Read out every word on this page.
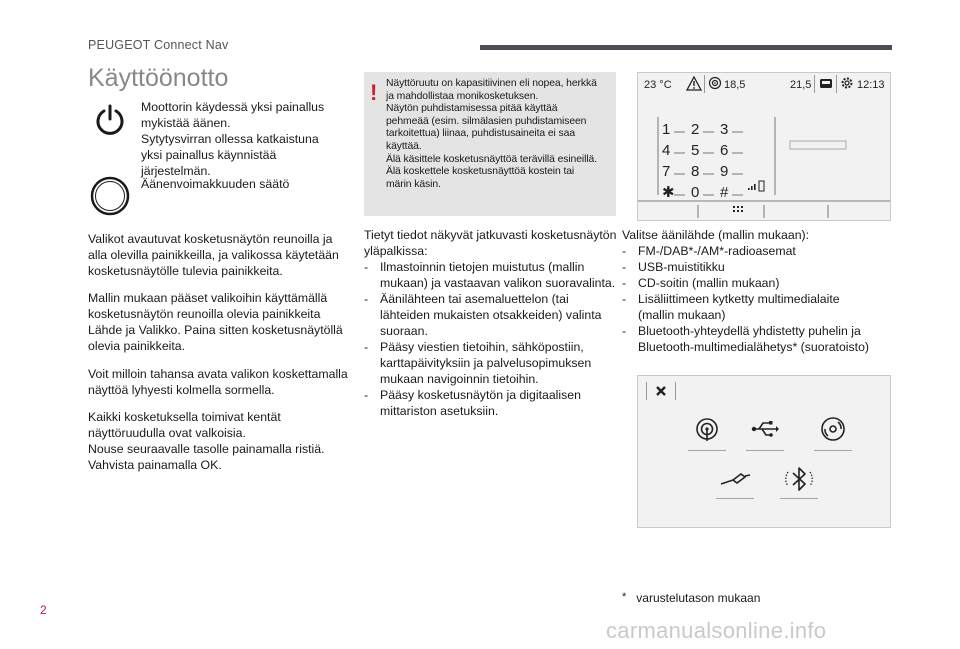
PEUGEOT Connect Nav
Käyttöönotto
Moottorin käydessä yksi painallus
mykistää äänen.
Sytytysvirran ollessa katkaistuna
yksi painallus käynnistää
järjestelmän.
Äänenvoimakkuuden säätö
Valikot avautuvat kosketusnäytön reunoilla ja
alla olevilla painikkeilla, ja valikossa käytetään
kosketusnäytölle tulevia painikkeita.
Mallin mukaan pääset valikoihin käyttämällä
kosketusnäytön reunoilla olevia painikkeita
Lähde ja Valikko. Paina sitten kosketusnäytöllä
olevia painikkeita.
Voit milloin tahansa avata valikon koskettamalla
näyttöä lyhyesti kolmella sormella.
Kaikki kosketuksella toimivat kentät
näyttöruudulla ovat valkoisia.
Nouse seuraavalle tasolle painamalla ristiä.
Vahvista painamalla OK.
! Näyttöruutu on kapasitiivinen eli nopea, herkkä
ja mahdollistaa monikosketuksen.
Näytön puhdistamisessa pitää käyttää
pehmeää (esim. silmälasien puhdistamiseen
tarkoitettua) liinaa, puhdistusaineita ei saa
käyttää.
Älä käsittele kosketusnäyttöä terävillä esineillä.
Älä koskettele kosketusnäyttöä kostein tai
märin käsin.
Tietyt tiedot näkyvät jatkuvasti kosketusnäytön
yläpalkissa:
- Ilmastoinnin tietojen muistutus (mallin
mukaan) ja vastaavan valikon suoravalinta.
- Äänilähteen tai asemaluettelon (tai
lähteiden mukaisten otsakkeiden) valinta
suoraan.
- Pääsy viestien tietoihin, sähköpostiin,
karttapäivityksiin ja palvelusopimuksen
mukaan navigoinnin tietoihin.
- Pääsy kosketusnäytön ja digitaalisen
mittariston asetuksiin.
23 °C	18,5	21,5	12:13
1	2	3
4	5	6
7	8	9
✱	0	#
Valitse äänilähde (mallin mukaan):
- FM-/DAB*-/AM*-radioasemat
- USB-muistitikku
- CD-soitin (mallin mukaan)
- Lisäliittimeen kytketty multimedialaite
(mallin mukaan)
- Bluetooth-yhteydellä yhdistetty puhelin ja
Bluetooth-multimedialähetys* (suoratoisto)
* varustelutason mukaan
2
carmanualsonline.info
